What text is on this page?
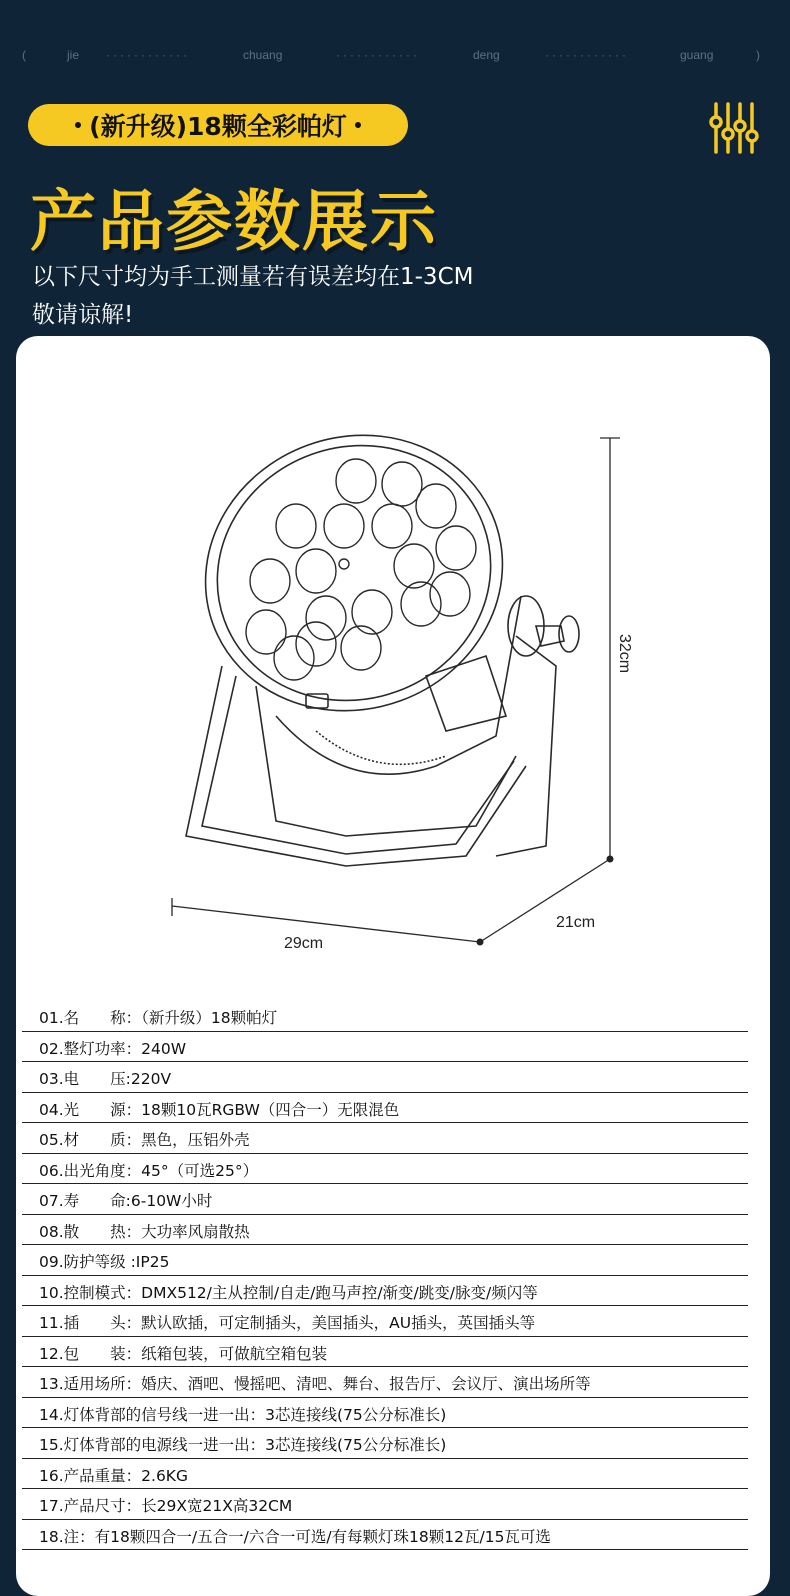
(	jie ············	chuang	············	deng	············	guang	)
(新升级)18颗全彩帕灯
产品参数展示
以下尺寸均为手工测量若有误差均在1-3CM
敬请谅解!
32cm
29cm
21cm
01.名　　称：（新升级）18颗帕灯
02.整灯功率：240W
03.电　　压:220V
04.光　　源：18颗10瓦RGBW（四合一）无限混色
05.材　　质：黑色，压铝外壳
06.出光角度：45°（可选25°）
07.寿　　命:6-10W小时
08.散　　热：大功率风扇散热
09.防护等级 :IP25
10.控制模式：DMX512/主从控制/自走/跑马声控/渐变/跳变/脉变/频闪等
11.插　　头：默认欧插，可定制插头，美国插头，AU插头，英国插头等
12.包　　装：纸箱包装，可做航空箱包装
13.适用场所：婚庆、酒吧、慢摇吧、清吧、舞台、报告厅、会议厅、演出场所等
14.灯体背部的信号线一进一出：3芯连接线(75公分标准长)
15.灯体背部的电源线一进一出：3芯连接线(75公分标准长)
16.产品重量：2.6KG
17.产品尺寸：长29X宽21X高32CM
18.注：有18颗四合一/五合一/六合一可选/有每颗灯珠18颗12瓦/15瓦可选
